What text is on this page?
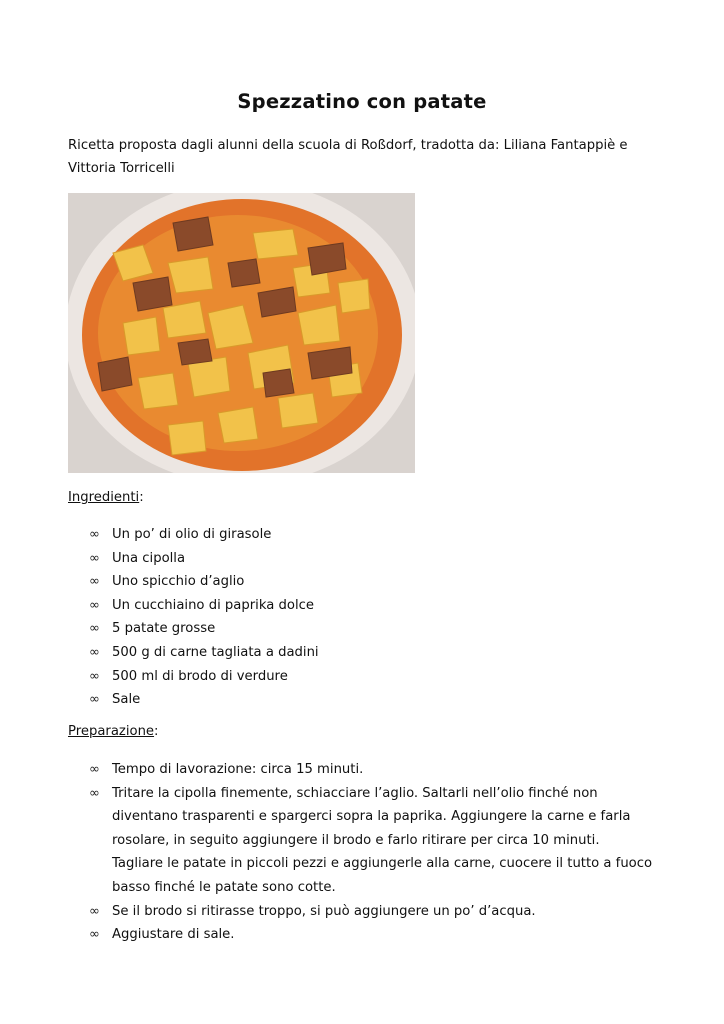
Spezzatino con patate
Ricetta proposta dagli alunni della scuola di Roßdorf, tradotta da: Liliana Fantappiè e Vittoria Torricelli
Ingredienti:
∞ Un po’ di olio di girasole
∞ Una cipolla
∞ Uno spicchio d’aglio
∞ Un cucchiaino di paprika dolce
∞ 5 patate grosse
∞ 500 g di carne tagliata a dadini
∞ 500 ml di brodo di verdure
∞ Sale
Preparazione:
∞ Tempo di lavorazione: circa 15 minuti.
∞ Tritare la cipolla finemente, schiacciare l’aglio. Saltarli nell’olio finché non diventano trasparenti e spargerci sopra la paprika. Aggiungere la carne e farla rosolare, in seguito aggiungere il brodo e farlo ritirare per circa 10 minuti. Tagliare le patate in piccoli pezzi e aggiungerle alla carne, cuocere il tutto a fuoco basso finché le patate sono cotte.
∞ Se il brodo si ritirasse troppo, si può aggiungere un po’ d’acqua.
∞ Aggiustare di sale.
